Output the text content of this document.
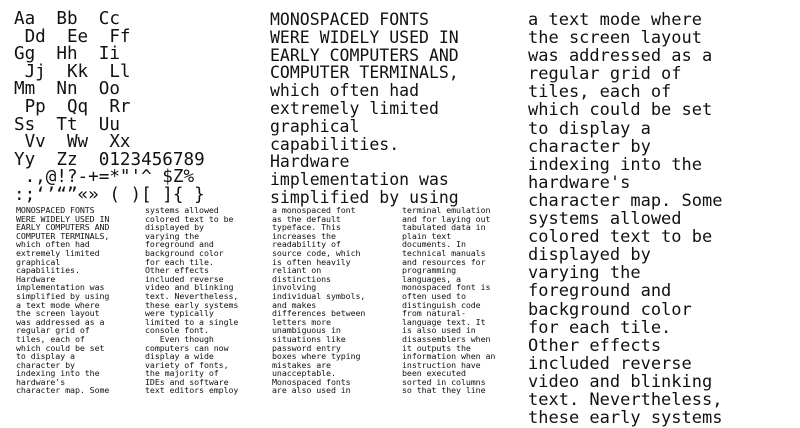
Aa  Bb  Cc
Dd  Ee  Ff
Gg  Hh  Ii
Jj  Kk  Ll
Mm  Nn  Oo
Pp  Qq  Rr
Ss  Tt  Uu
Vv  Ww  Xx
Yy  Zz  0123456789
.,@!?-+=*"'^ $Z%
:;‘’“”«» ( )[ ]{ }
MONOSPACED FONTS
WERE WIDELY USED IN
EARLY COMPUTERS AND
COMPUTER TERMINALS,
which often had
extremely limited
graphical
capabilities.
Hardware
implementation was
simplified by using
a text mode where
the screen layout
was addressed as a
regular grid of
tiles, each of
which could be set
to display a
character by
indexing into the
hardware's
character map. Some
systems allowed
colored text to be
displayed by
varying the
foreground and
background color
for each tile.
Other effects
included reverse
video and blinking
text. Nevertheless,
these early systems
MONOSPACED FONTS
WERE WIDELY USED IN
EARLY COMPUTERS AND
COMPUTER TERMINALS,
which often had
extremely limited
graphical
capabilities.
Hardware
implementation was
simplified by using
a text mode where
the screen layout
was addressed as a
regular grid of
tiles, each of
which could be set
to display a
character by
indexing into the
hardware's
character map. Some
systems allowed
colored text to be
displayed by
varying the
foreground and
background color
for each tile.
Other effects
included reverse
video and blinking
text. Nevertheless,
these early systems
were typically
limited to a single
console font.
Even though
computers can now
display a wide
variety of fonts,
the majority of
IDEs and software
text editors employ
a monospaced font
as the default
typeface. This
increases the
readability of
source code, which
is often heavily
reliant on
distinctions
involving
individual symbols,
and makes
differences between
letters more
unambiguous in
situations like
password entry
boxes where typing
mistakes are
unacceptable.
Monospaced fonts
are also used in
terminal emulation
and for laying out
tabulated data in
plain text
documents. In
technical manuals
and resources for
programming
languages, a
monospaced font is
often used to
distinguish code
from natural-
language text. It
is also used in
disassemblers when
it outputs the
information when an
instruction have
been executed
sorted in columns
so that they line
